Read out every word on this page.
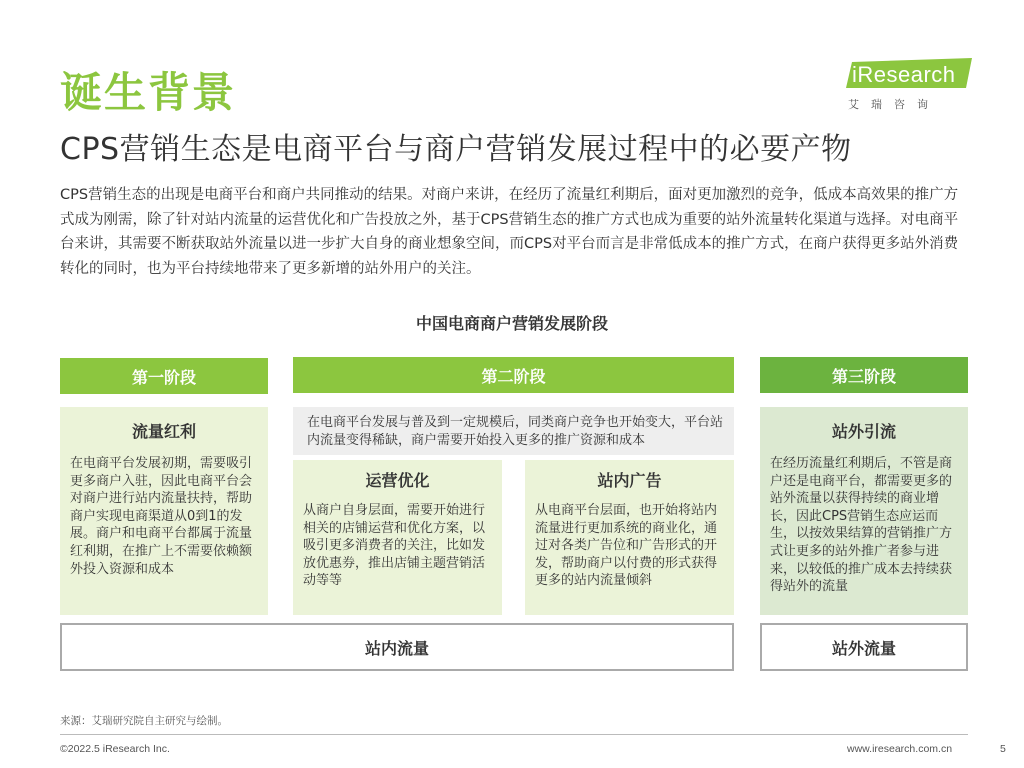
诞生背景	iResearch
艾瑞咨询
CPS营销生态是电商平台与商户营销发展过程中的必要产物
CPS营销生态的出现是电商平台和商户共同推动的结果。对商户来讲，在经历了流量红利期后，面对更加激烈的竞争，低成本高效果的推广方式成为刚需，除了针对站内流量的运营优化和广告投放之外，基于CPS营销生态的推广方式也成为重要的站外流量转化渠道与选择。对电商平台来讲，其需要不断获取站外流量以进一步扩大自身的商业想象空间，而CPS对平台而言是非常低成本的推广方式，在商户获得更多站外消费转化的同时，也为平台持续地带来了更多新增的站外用户的关注。
中国电商商户营销发展阶段
第一阶段	第二阶段	第三阶段
流量红利
在电商平台发展初期，需要吸引更多商户入驻，因此电商平台会对商户进行站内流量扶持，帮助商户实现电商渠道从0到1的发展。商户和电商平台都属于流量红利期，在推广上不需要依赖额外投入资源和成本
在电商平台发展与普及到一定规模后，同类商户竞争也开始变大，平台站内流量变得稀缺，商户需要开始投入更多的推广资源和成本
运营优化
从商户自身层面，需要开始进行相关的店铺运营和优化方案，以吸引更多消费者的关注，比如发放优惠券，推出店铺主题营销活动等等
站内广告
从电商平台层面，也开始将站内流量进行更加系统的商业化，通过对各类广告位和广告形式的开发，帮助商户以付费的形式获得更多的站内流量倾斜
站外引流
在经历流量红利期后，不管是商户还是电商平台，都需要更多的站外流量以获得持续的商业增长，因此CPS营销生态应运而生，以按效果结算的营销推广方式让更多的站外推广者参与进来，以较低的推广成本去持续获得站外的流量
站内流量	站外流量
来源：艾瑞研究院自主研究与绘制。
©2022.5 iResearch Inc.	www.iresearch.com.cn	5
